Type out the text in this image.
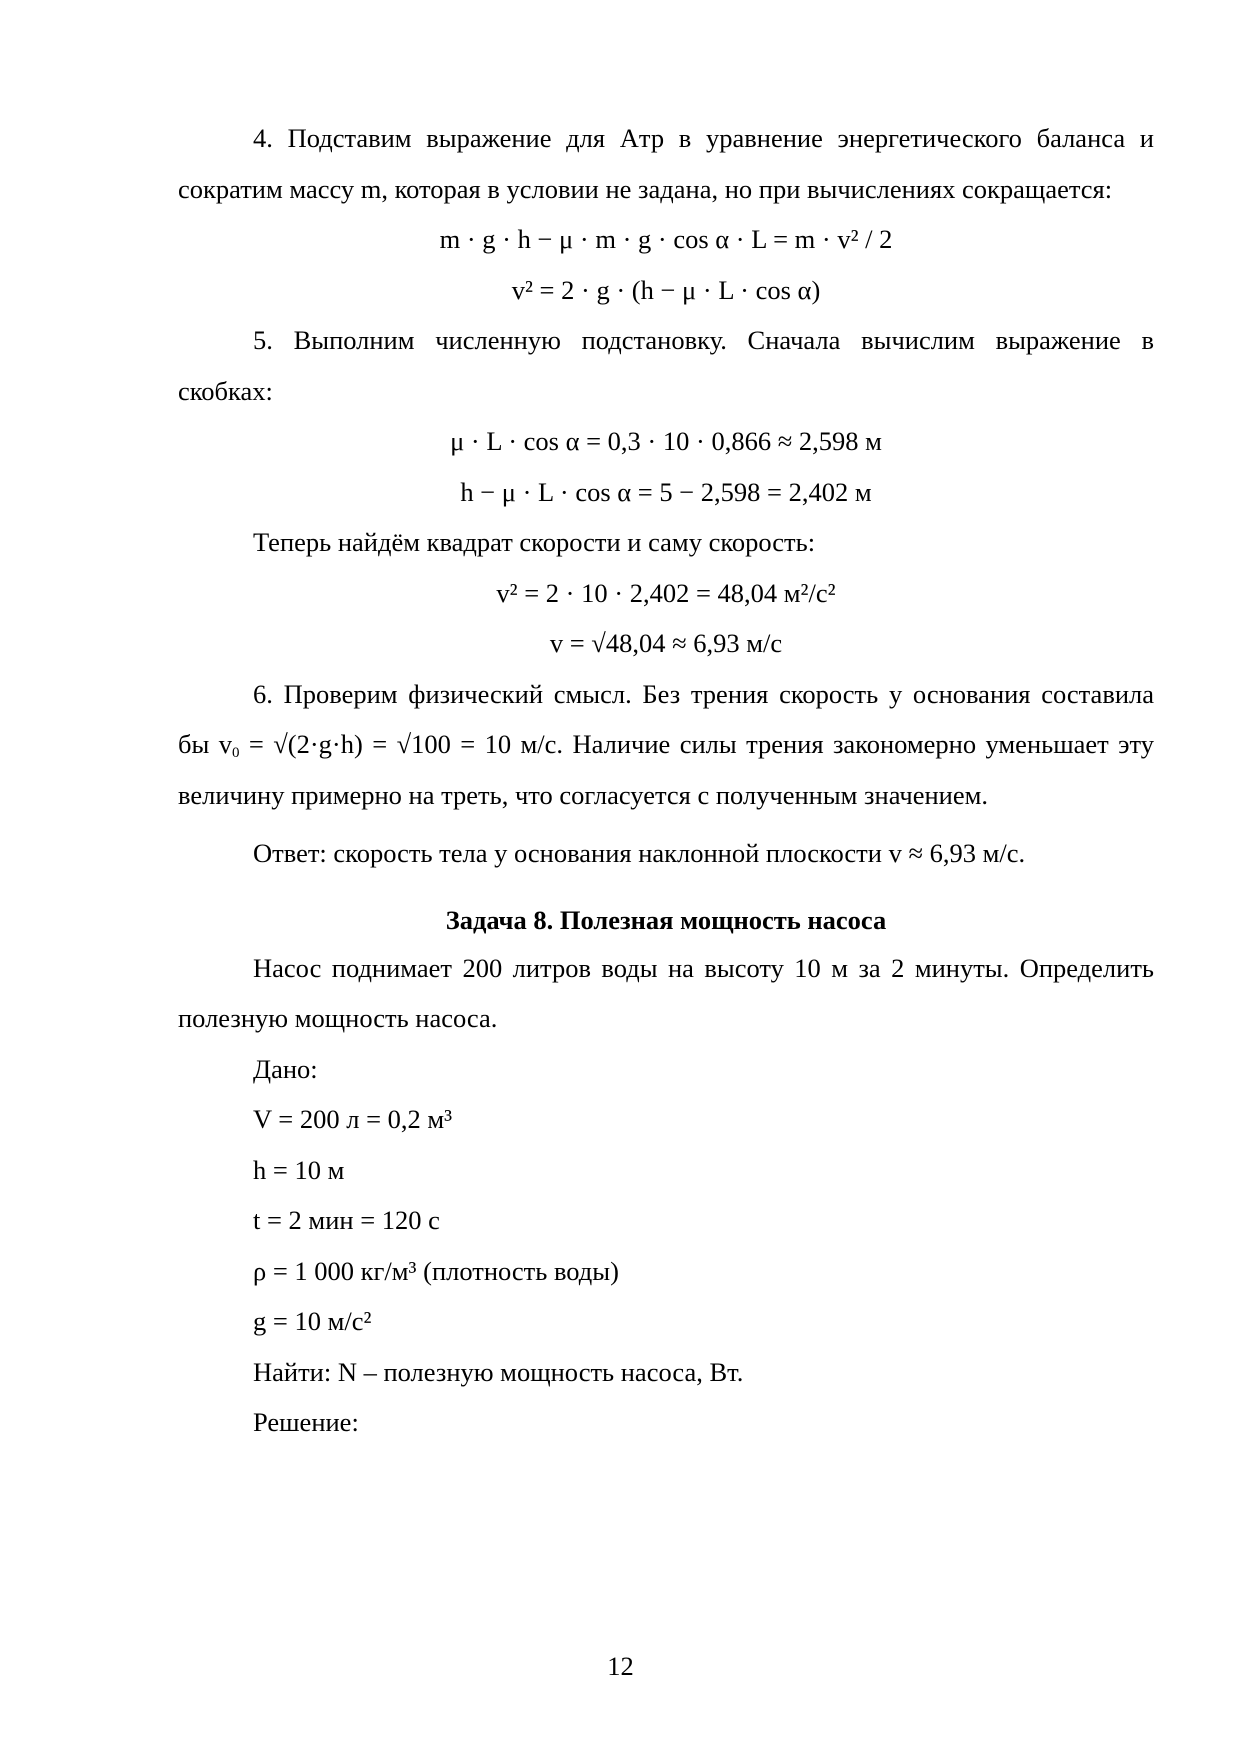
4. Подставим выражение для Aтр в уравнение энергетического баланса и сократим массу m, которая в условии не задана, но при вычислениях сокращается:

m · g · h − μ · m · g · cos α · L = m · v² / 2

v² = 2 · g · (h − μ · L · cos α)

5. Выполним численную подстановку. Сначала вычислим выражение в скобках:

μ · L · cos α = 0,3 · 10 · 0,866 ≈ 2,598 м

h − μ · L · cos α = 5 − 2,598 = 2,402 м

Теперь найдём квадрат скорости и саму скорость:

v² = 2 · 10 · 2,402 = 48,04 м²/с²

v = √48,04 ≈ 6,93 м/с

6. Проверим физический смысл. Без трения скорость у основания составила бы $v_0 = √(2\cdot g\cdot h) = √100 = 10$ м/с. Наличие силы трения закономерно уменьшает эту величину примерно на треть, что согласуется с полученным значением.

Ответ: скорость тела у основания наклонной плоскости v ≈ 6,93 м/с.

Задача 8. Полезная мощность насоса

Насос поднимает 200 литров воды на высоту 10 м за 2 минуты. Определить полезную мощность насоса.

Дано:

V = 200 л = 0,2 м³

h = 10 м

t = 2 мин = 120 с

ρ = 1 000 кг/м³ (плотность воды)

g = 10 м/с²

Найти: N – полезную мощность насоса, Вт.

Решение:

12
